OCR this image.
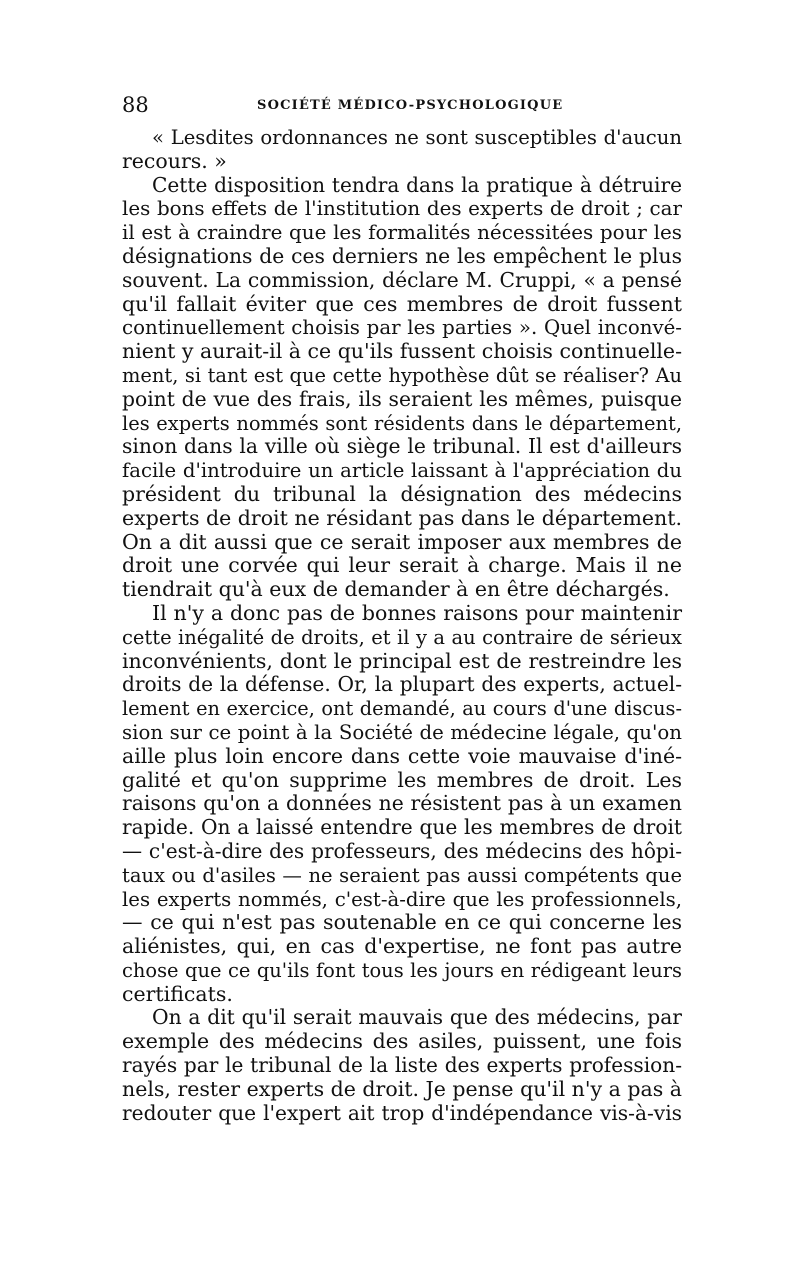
88	SOCIÉTÉ MÉDICO-PSYCHOLOGIQUE
« Lesdites ordonnances ne sont susceptibles d'aucun
recours. »
Cette disposition tendra dans la pratique à détruire
les bons effets de l'institution des experts de droit ; car
il est à craindre que les formalités nécessitées pour les
désignations de ces derniers ne les empêchent le plus
souvent. La commission, déclare M. Cruppi, « a pensé
qu'il fallait éviter que ces membres de droit fussent
continuellement choisis par les parties ». Quel inconvé-
nient y aurait-il à ce qu'ils fussent choisis continuelle-
ment, si tant est que cette hypothèse dût se réaliser? Au
point de vue des frais, ils seraient les mêmes, puisque
les experts nommés sont résidents dans le département,
sinon dans la ville où siège le tribunal. Il est d'ailleurs
facile d'introduire un article laissant à l'appréciation du
président du tribunal la désignation des médecins
experts de droit ne résidant pas dans le département.
On a dit aussi que ce serait imposer aux membres de
droit une corvée qui leur serait à charge. Mais il ne
tiendrait qu'à eux de demander à en être déchargés.
Il n'y a donc pas de bonnes raisons pour maintenir
cette inégalité de droits, et il y a au contraire de sérieux
inconvénients, dont le principal est de restreindre les
droits de la défense. Or, la plupart des experts, actuel-
lement en exercice, ont demandé, au cours d'une discus-
sion sur ce point à la Société de médecine légale, qu'on
aille plus loin encore dans cette voie mauvaise d'iné-
galité et qu'on supprime les membres de droit. Les
raisons qu'on a données ne résistent pas à un examen
rapide. On a laissé entendre que les membres de droit
— c'est-à-dire des professeurs, des médecins des hôpi-
taux ou d'asiles — ne seraient pas aussi compétents que
les experts nommés, c'est-à-dire que les professionnels,
— ce qui n'est pas soutenable en ce qui concerne les
aliénistes, qui, en cas d'expertise, ne font pas autre
chose que ce qu'ils font tous les jours en rédigeant leurs
certificats.
On a dit qu'il serait mauvais que des médecins, par
exemple des médecins des asiles, puissent, une fois
rayés par le tribunal de la liste des experts profession-
nels, rester experts de droit. Je pense qu'il n'y a pas à
redouter que l'expert ait trop d'indépendance vis-à-vis
